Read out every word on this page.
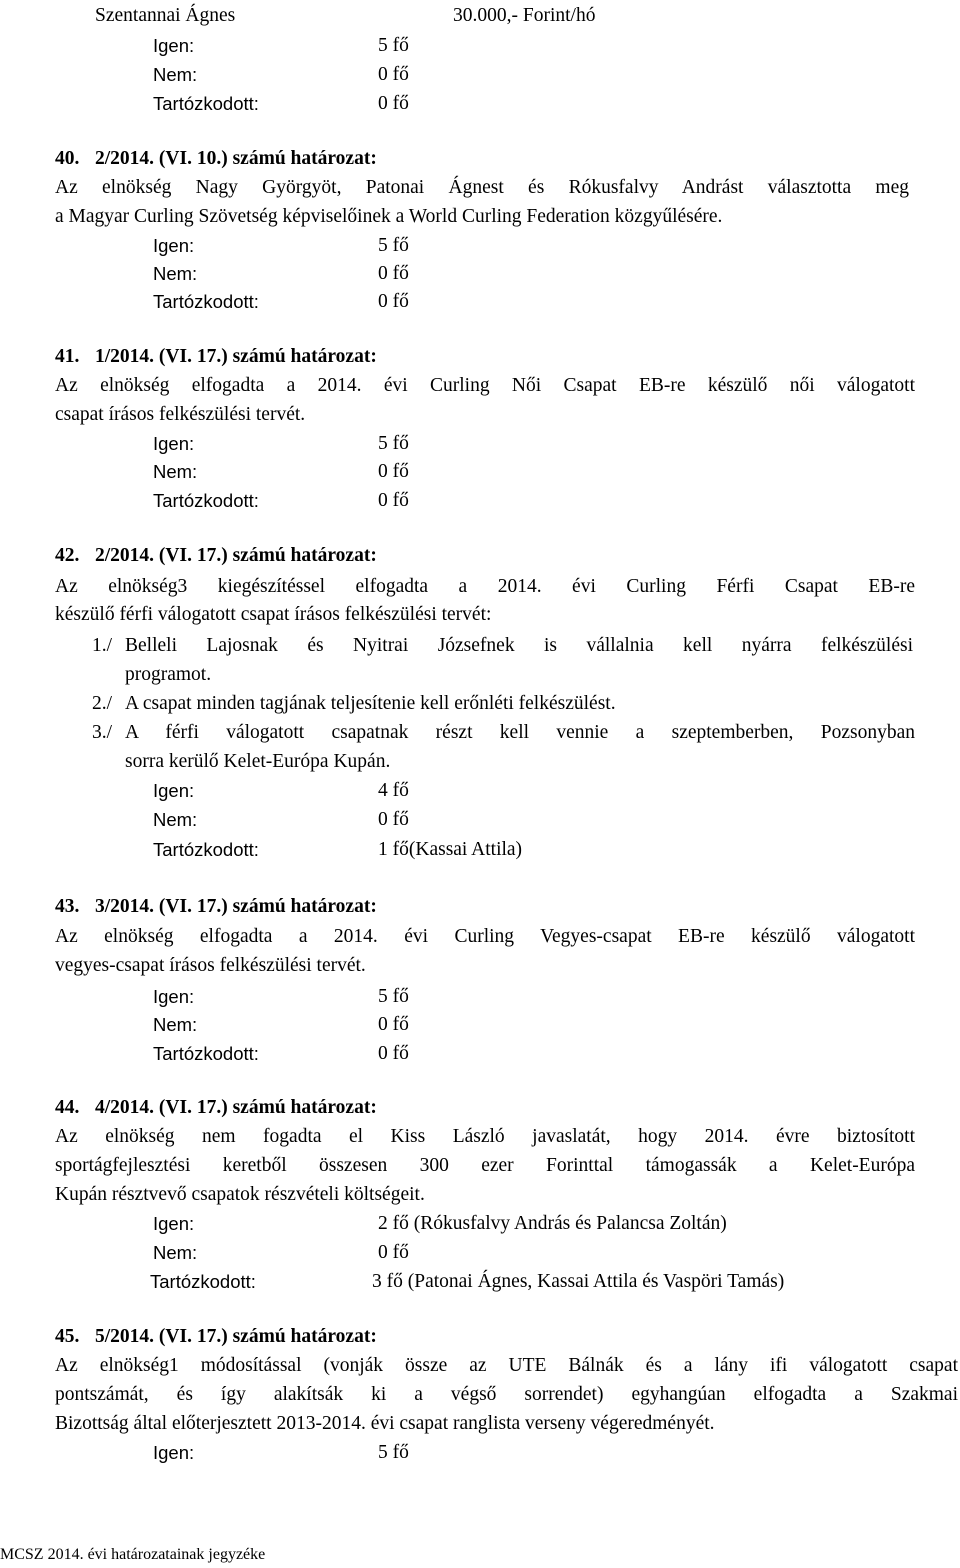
Szentannai Ágnes	30.000,- Forint/hó
Igen:	5 fő
Nem:	0 fő
Tartózkodott:	0 fő
40. 2/2014. (VI. 10.) számú határozat:
Az elnökség Nagy Györgyöt, Patonai Ágnest és Rókusfalvy Andrást választotta meg
a Magyar Curling Szövetség képviselőinek a World Curling Federation közgyűlésére.
Igen:	5 fő
Nem:	0 fő
Tartózkodott:	0 fő
41. 1/2014. (VI. 17.) számú határozat:
Az elnökség elfogadta a 2014. évi Curling Női Csapat EB-re készülő női válogatott
csapat írásos felkészülési tervét.
Igen:	5 fő
Nem:	0 fő
Tartózkodott:	0 fő
42. 2/2014. (VI. 17.) számú határozat:
Az elnökség3 kiegészítéssel elfogadta a 2014. évi Curling Férfi Csapat EB-re
készülő férfi válogatott csapat írásos felkészülési tervét:
1./ Belleli Lajosnak és Nyitrai Józsefnek is vállalnia kell nyárra felkészülési
programot.
2./ A csapat minden tagjának teljesítenie kell erőnléti felkészülést.
3./ A férfi válogatott csapatnak részt kell vennie a szeptemberben, Pozsonyban
sorra kerülő Kelet-Európa Kupán.
Igen:	4 fő
Nem:	0 fő
Tartózkodott:	1 fő(Kassai Attila)
43. 3/2014. (VI. 17.) számú határozat:
Az elnökség elfogadta a 2014. évi Curling Vegyes-csapat EB-re készülő válogatott
vegyes-csapat írásos felkészülési tervét.
Igen:	5 fő
Nem:	0 fő
Tartózkodott:	0 fő
44. 4/2014. (VI. 17.) számú határozat:
Az elnökség nem fogadta el Kiss László javaslatát, hogy 2014. évre biztosított
sportágfejlesztési keretből összesen 300 ezer Forinttal támogassák a Kelet-Európa
Kupán résztvevő csapatok részvételi költségeit.
Igen:	2 fő (Rókusfalvy András és Palancsa Zoltán)
Nem:	0 fő
Tartózkodott:	3 fő (Patonai Ágnes, Kassai Attila és Vaspöri Tamás)
45. 5/2014. (VI. 17.) számú határozat:
Az elnökség1 módosítással (vonják össze az UTE Bálnák és a lány ifi válogatott csapat
pontszámát, és így alakítsák ki a végső sorrendet) egyhangúan elfogadta a Szakmai
Bizottság által előterjesztett 2013-2014. évi csapat ranglista verseny végeredményét.
Igen:	5 fő
MCSZ 2014. évi határozatainak jegyzéke
